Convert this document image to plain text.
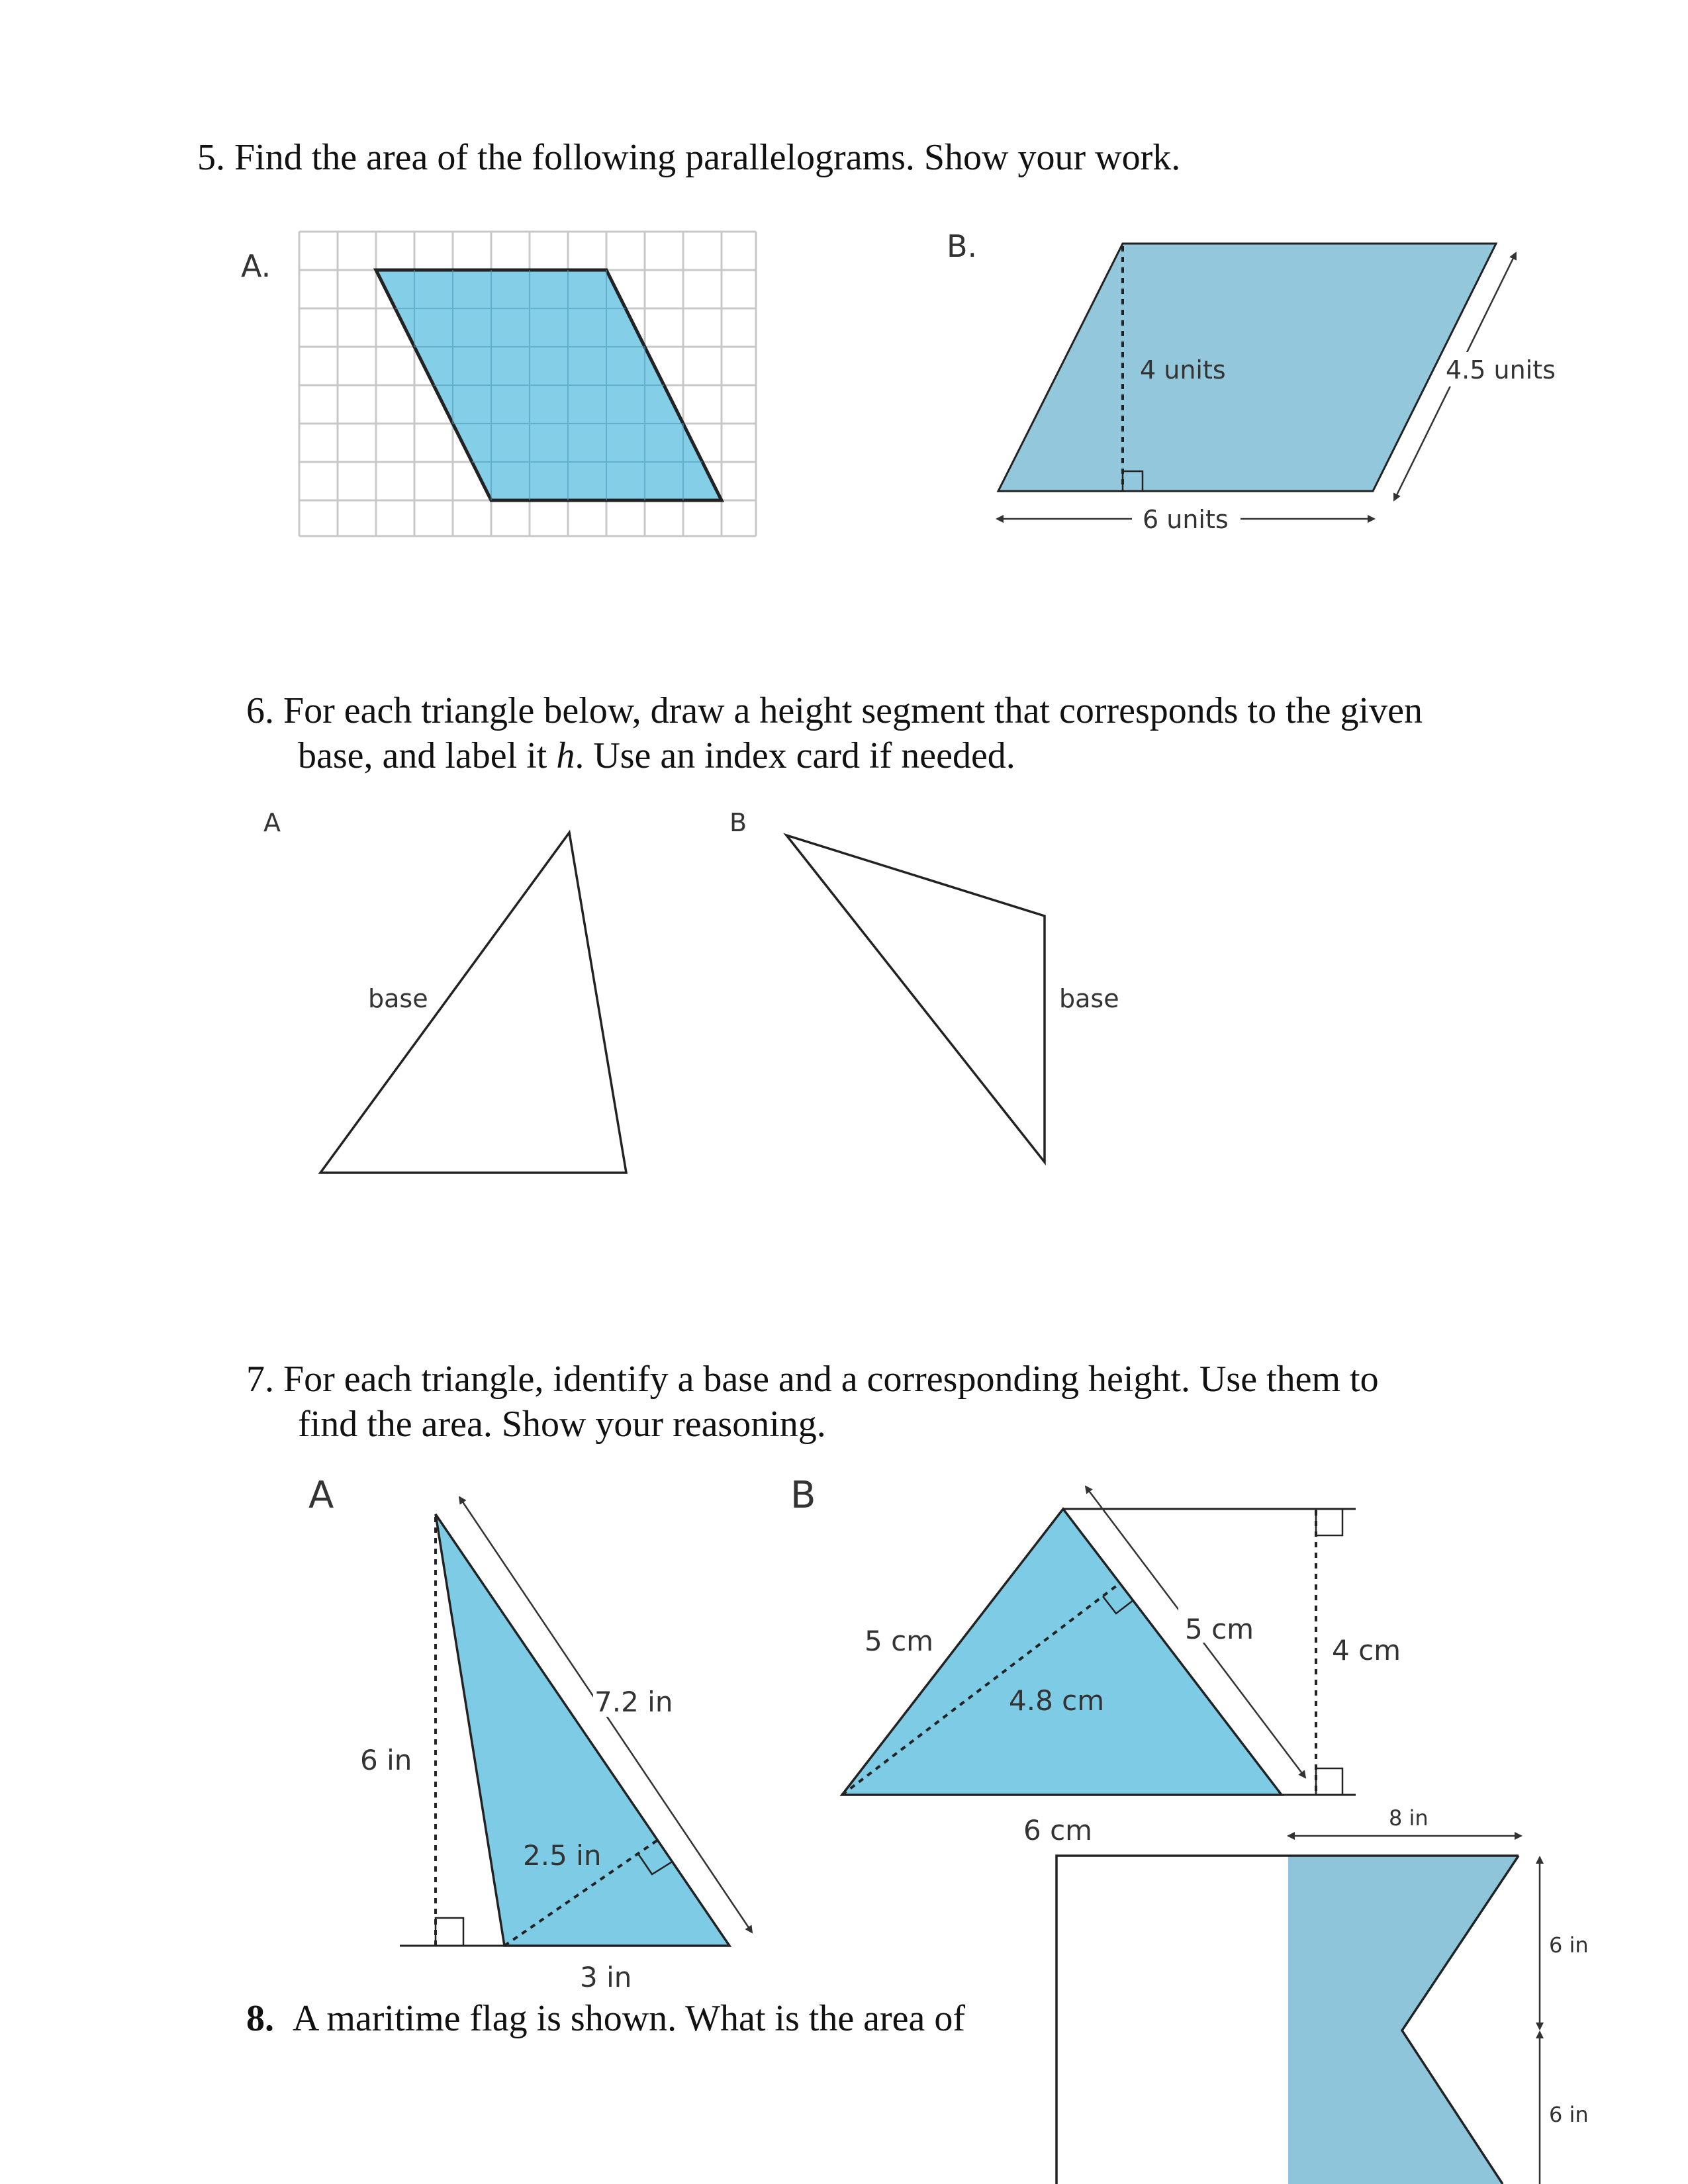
5. Find the area of the following parallelograms. Show your work.

6. For each triangle below, draw a height segment that corresponds to the given

base, and label it h. Use an index card if needed.

7. For each triangle, identify a base and a corresponding height. Use them to

find the area. Show your reasoning.

8. A maritime flag is shown. What is the area of

A.
B.
4 units	4.5 units
6 units
A
base
B
base
A
7.2 in
6 in
2.5 in
3 in
B
5 cm
5 cm
4.8 cm
4 cm
6 cm	8 in
6 in
6 in
